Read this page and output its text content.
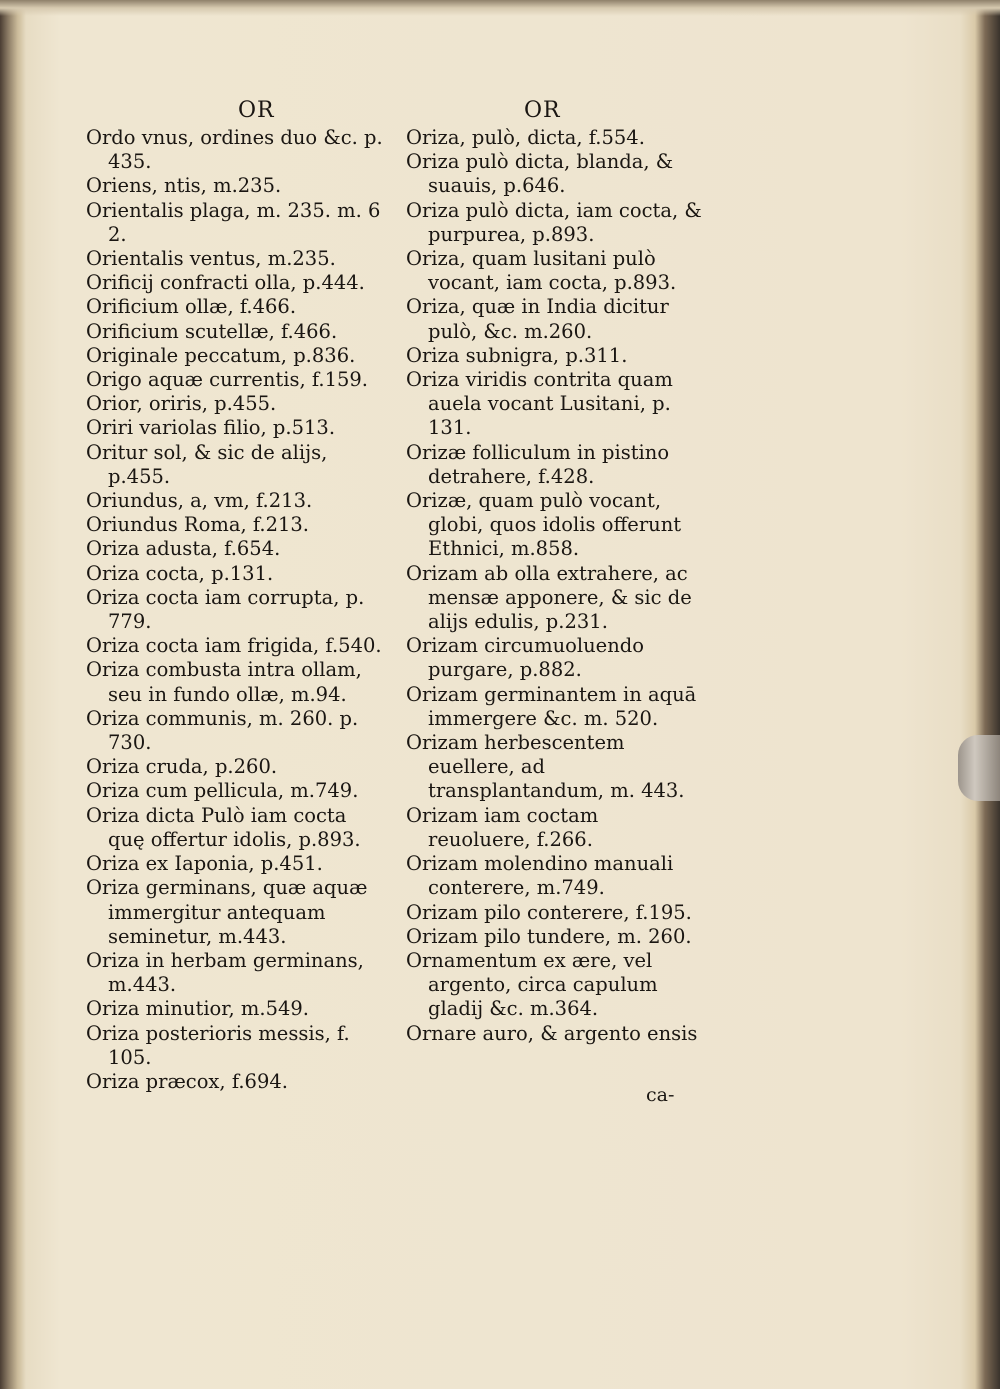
OR	OR

Ordo vnus, ordines duo &c. p. 435.

Oriens, ntis, m.235.

Orientalis plaga, m. 235. m. 6 2.

Orientalis ventus, m.235.

Orificij confracti olla, p.444.

Orificium ollæ, f.466.

Orificium scutellæ, f.466.

Originale peccatum, p.836.

Origo aquæ currentis, f.159.

Orior, oriris, p.455.

Oriri variolas filio, p.513.

Oritur sol, & sic de alijs, p.455.

Oriundus, a, vm, f.213.

Oriundus Roma, f.213.

Oriza adusta, f.654.

Oriza cocta, p.131.

Oriza cocta iam corrupta, p. 779.

Oriza cocta iam frigida, f.540.

Oriza combusta intra ollam, seu in fundo ollæ, m.94.

Oriza communis, m. 260. p. 730.

Oriza cruda, p.260.

Oriza cum pellicula, m.749.

Oriza dicta Pulò iam cocta quę offertur idolis, p.893.

Oriza ex Iaponia, p.451.

Oriza germinans, quæ aquæ immergitur antequam seminetur, m.443.

Oriza in herbam germinans, m.443.

Oriza minutior, m.549.

Oriza posterioris messis, f. 105.

Oriza præcox, f.694.

Oriza, pulò, dicta, f.554.

Oriza pulò dicta, blanda, & suauis, p.646.

Oriza pulò dicta, iam cocta, & purpurea, p.893.

Oriza, quam lusitani pulò vocant, iam cocta, p.893.

Oriza, quæ in India dicitur pulò, &c. m.260.

Oriza subnigra, p.311.

Oriza viridis contrita quam auela vocant Lusitani, p. 131.

Orizæ folliculum in pistino detrahere, f.428.

Orizæ, quam pulò vocant, globi, quos idolis offerunt Ethnici, m.858.

Orizam ab olla extrahere, ac mensæ apponere, & sic de alijs edulis, p.231.

Orizam circumuoluendo purgare, p.882.

Orizam germinantem in aquā immergere &c. m. 520.

Orizam herbescentem euellere, ad transplantandum, m. 443.

Orizam iam coctam reuoluere, f.266.

Orizam molendino manuali conterere, m.749.

Orizam pilo conterere, f.195.

Orizam pilo tundere, m. 260.

Ornamentum ex ære, vel argento, circa capulum gladij &c. m.364.

Ornare auro, & argento ensis

ca-
